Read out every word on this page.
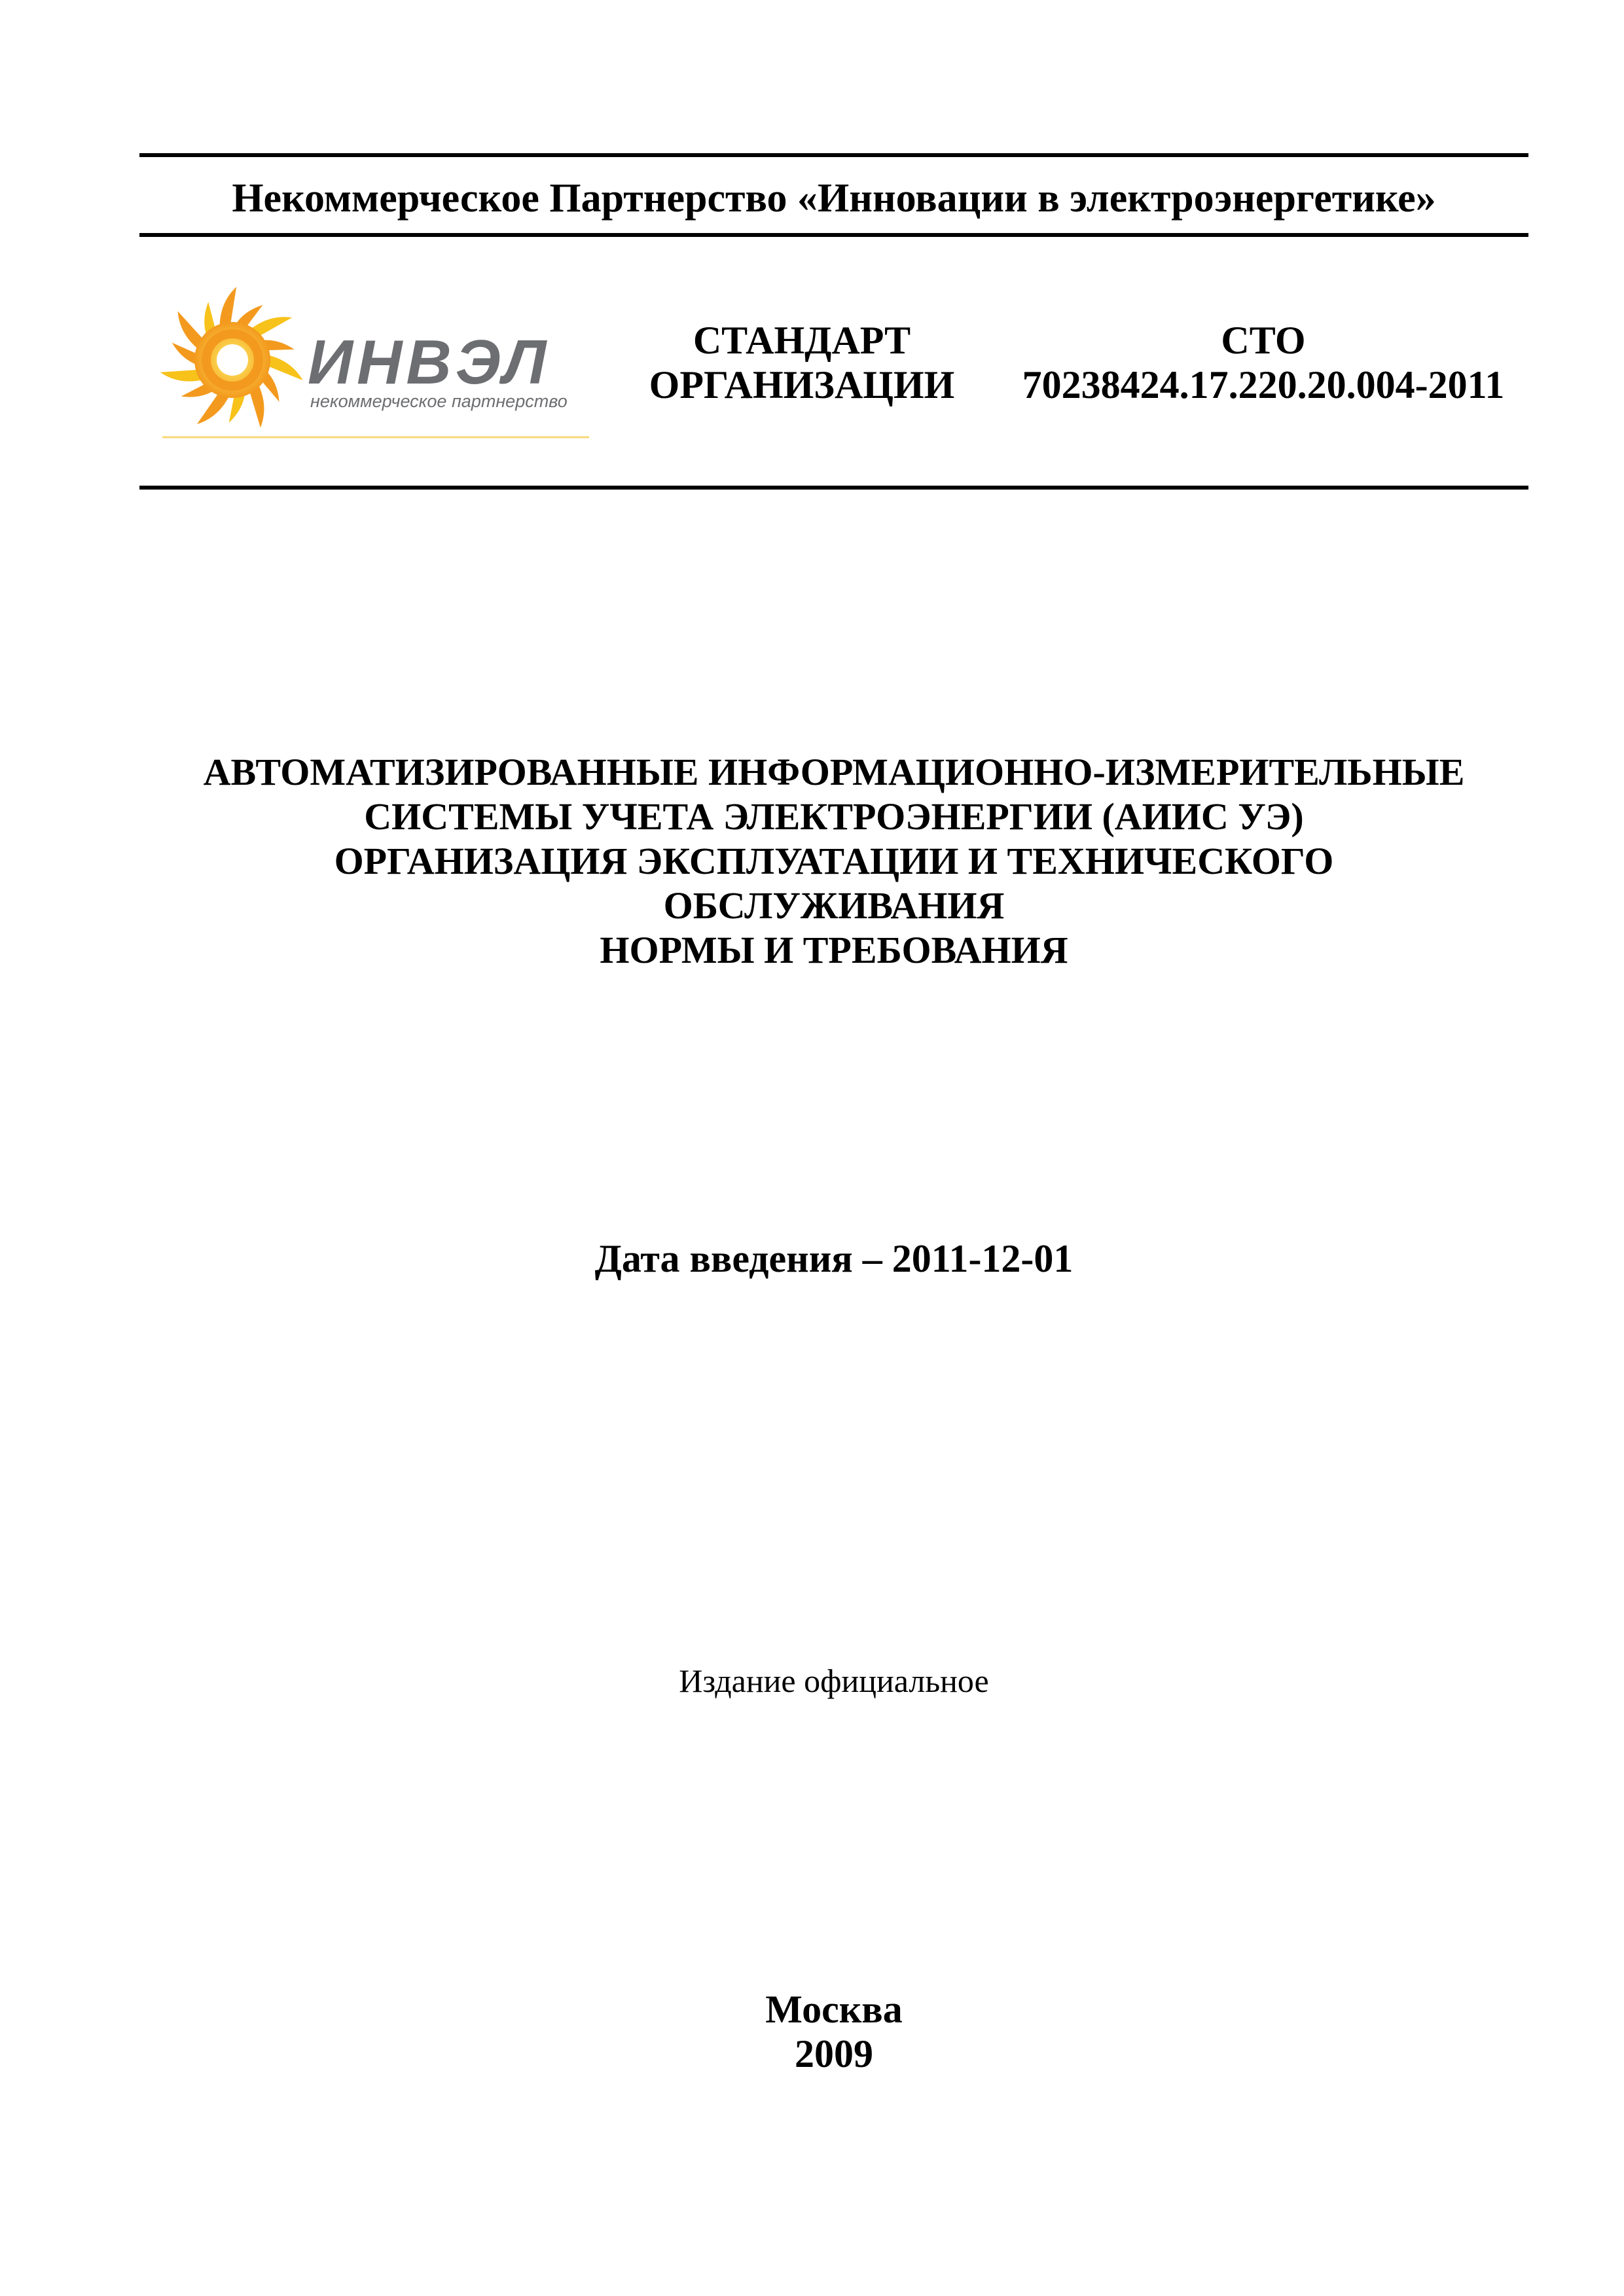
Некоммерческое Партнерство «Инновации в электроэнергетике»
ИНВЭЛ
некоммерческое партнерство
СТАНДАРТ
ОРГАНИЗАЦИИ
СТО
70238424.17.220.20.004-2011
АВТОМАТИЗИРОВАННЫЕ ИНФОРМАЦИОННО-ИЗМЕРИТЕЛЬНЫЕ
СИСТЕМЫ УЧЕТА ЭЛЕКТРОЭНЕРГИИ (АИИС УЭ)
ОРГАНИЗАЦИЯ ЭКСПЛУАТАЦИИ И ТЕХНИЧЕСКОГО
ОБСЛУЖИВАНИЯ
НОРМЫ И ТРЕБОВАНИЯ
Дата введения – 2011-12-01
Издание официальное
Москва
2009
